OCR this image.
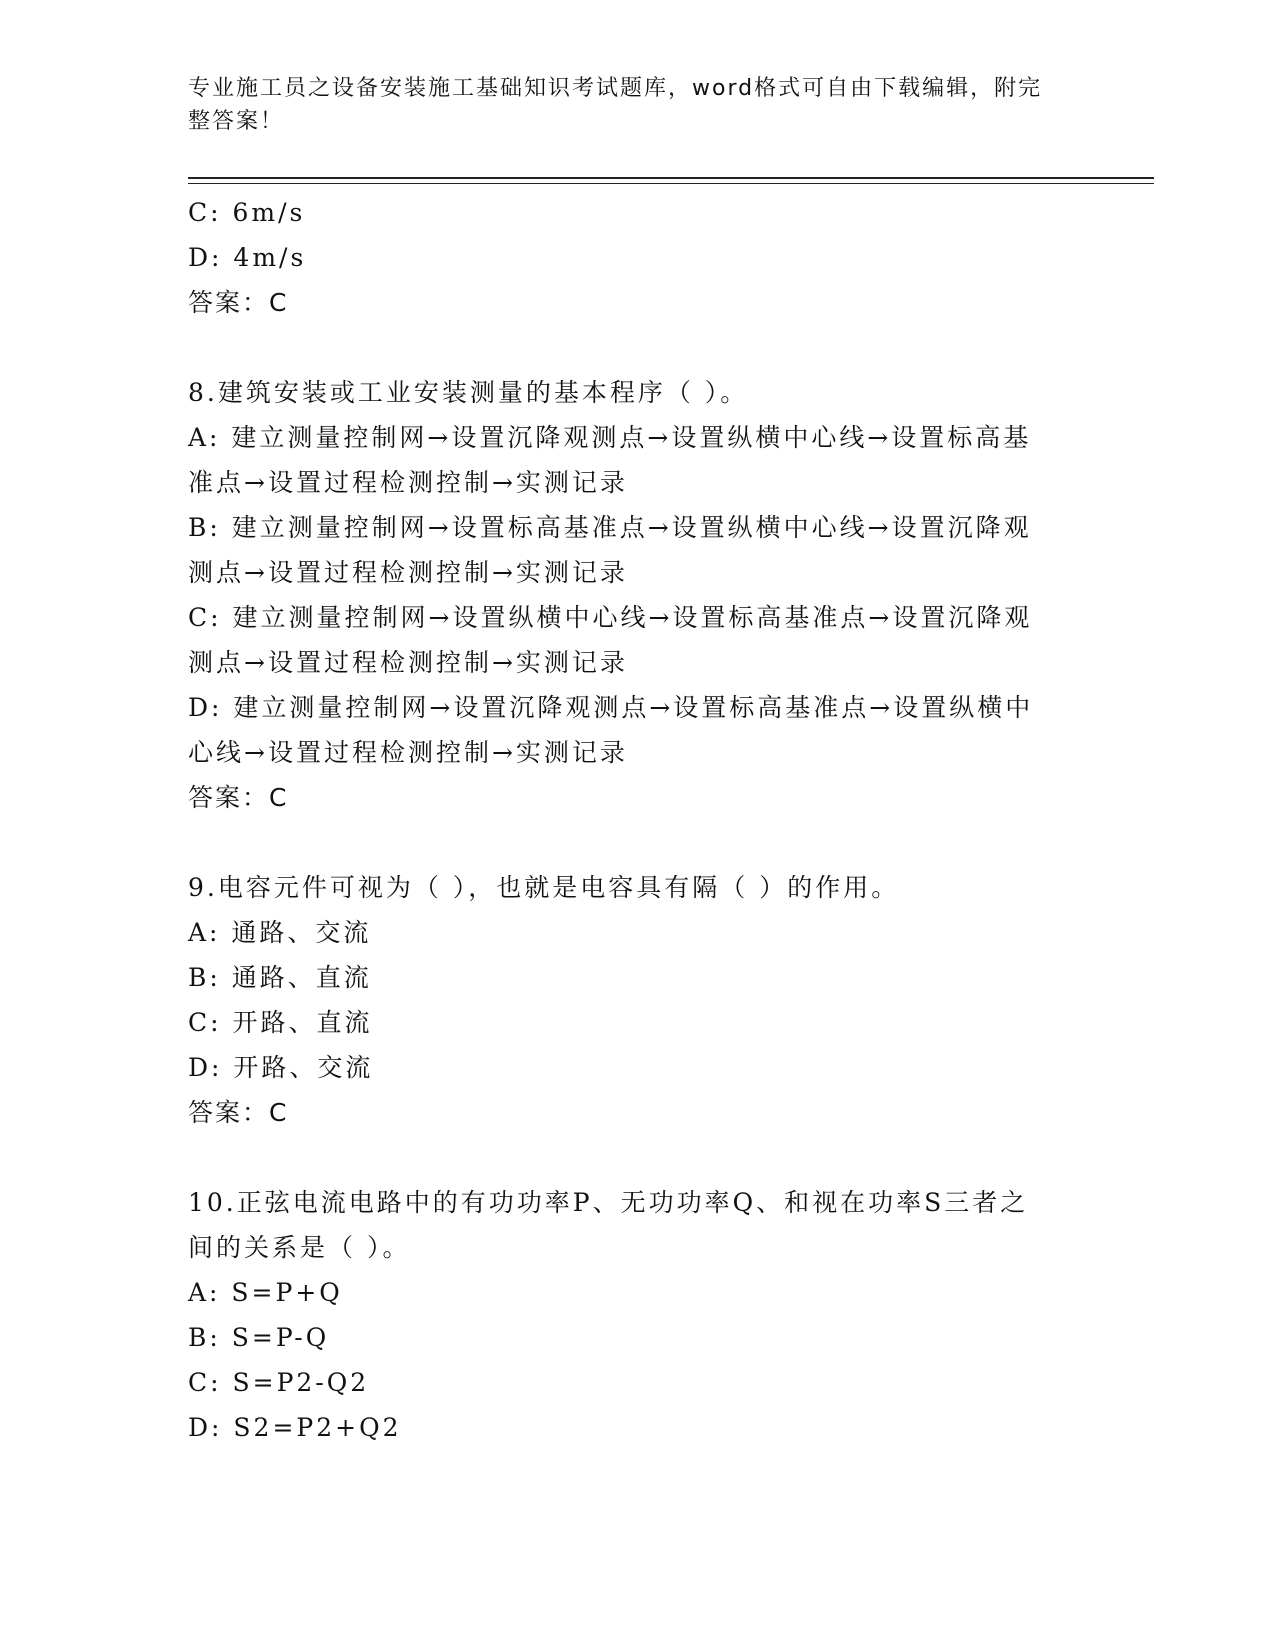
专业施工员之设备安装施工基础知识考试题库，word格式可自由下载编辑，附完
整答案！
C: 6m/s
D: 4m/s
答案：C
8.建筑安装或工业安装测量的基本程序（ ）。
A: 建立测量控制网→设置沉降观测点→设置纵横中心线→设置标高基
准点→设置过程检测控制→实测记录
B: 建立测量控制网→设置标高基准点→设置纵横中心线→设置沉降观
测点→设置过程检测控制→实测记录
C: 建立测量控制网→设置纵横中心线→设置标高基准点→设置沉降观
测点→设置过程检测控制→实测记录
D: 建立测量控制网→设置沉降观测点→设置标高基准点→设置纵横中
心线→设置过程检测控制→实测记录
答案：C
9.电容元件可视为（ ），也就是电容具有隔（ ）的作用。
A: 通路、交流
B: 通路、直流
C: 开路、直流
D: 开路、交流
答案：C
10.正弦电流电路中的有功功率P、无功功率Q、和视在功率S三者之
间的关系是（ ）。
A: S=P+Q
B: S=P-Q
C: S=P2-Q2
D: S2=P2+Q2
